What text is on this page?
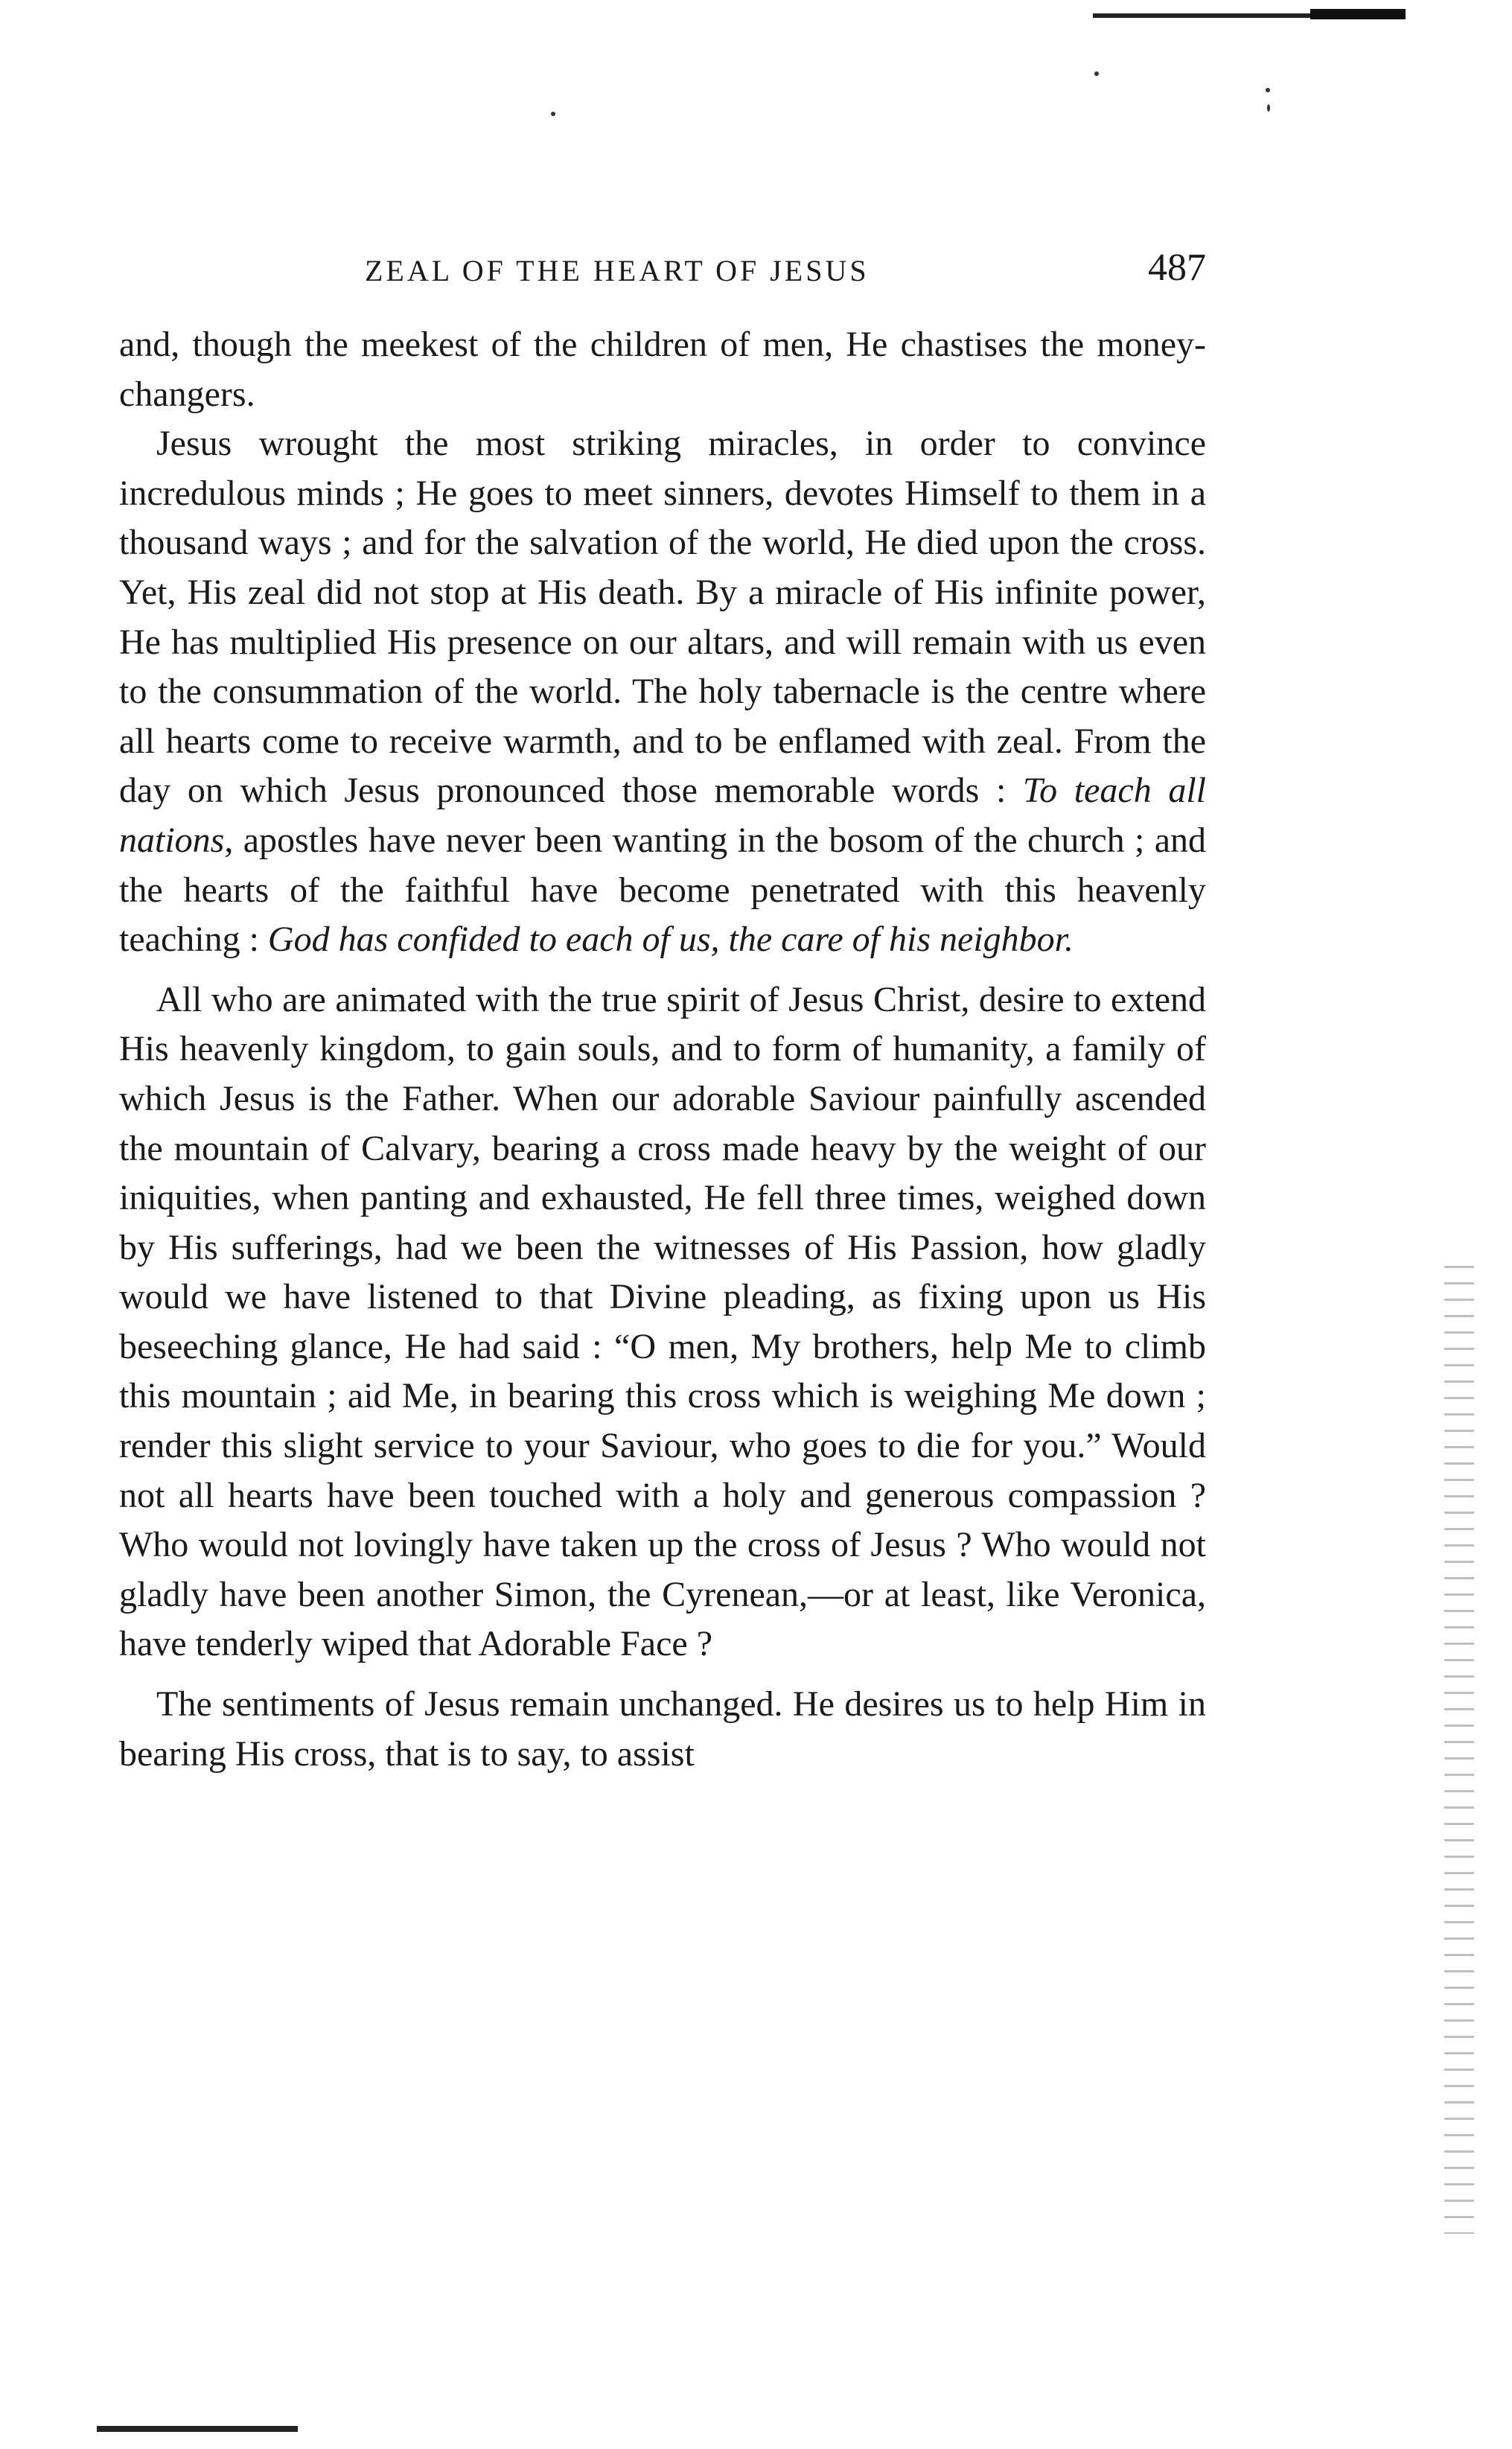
ZEAL OF THE HEART OF JESUS	487

and, though the meekest of the children of men, He chastises the money-changers.

Jesus wrought the most striking miracles, in order to convince incredulous minds ; He goes to meet sinners, devotes Himself to them in a thousand ways ; and for the salvation of the world, He died upon the cross. Yet, His zeal did not stop at His death. By a miracle of His infinite power, He has multiplied His presence on our altars, and will remain with us even to the consummation of the world. The holy tabernacle is the centre where all hearts come to receive warmth, and to be enflamed with zeal. From the day on which Jesus pronounced those memorable words : To teach all nations, apostles have never been wanting in the bosom of the church ; and the hearts of the faithful have become penetrated with this heavenly teaching : God has confided to each of us, the care of his neighbor.

All who are animated with the true spirit of Jesus Christ, desire to extend His heavenly kingdom, to gain souls, and to form of humanity, a family of which Jesus is the Father. When our adorable Saviour painfully ascended the mountain of Calvary, bearing a cross made heavy by the weight of our iniquities, when panting and exhausted, He fell three times, weighed down by His sufferings, had we been the witnesses of His Passion, how gladly would we have listened to that Divine pleading, as fixing upon us His beseeching glance, He had said : “O men, My brothers, help Me to climb this mountain ; aid Me, in bearing this cross which is weighing Me down ; render this slight service to your Saviour, who goes to die for you.” Would not all hearts have been touched with a holy and generous compassion ? Who would not lovingly have taken up the cross of Jesus ? Who would not gladly have been another Simon, the Cyrenean,—or at least, like Veronica, have tenderly wiped that Adorable Face ?

The sentiments of Jesus remain unchanged. He desires us to help Him in bearing His cross, that is to say, to assist
